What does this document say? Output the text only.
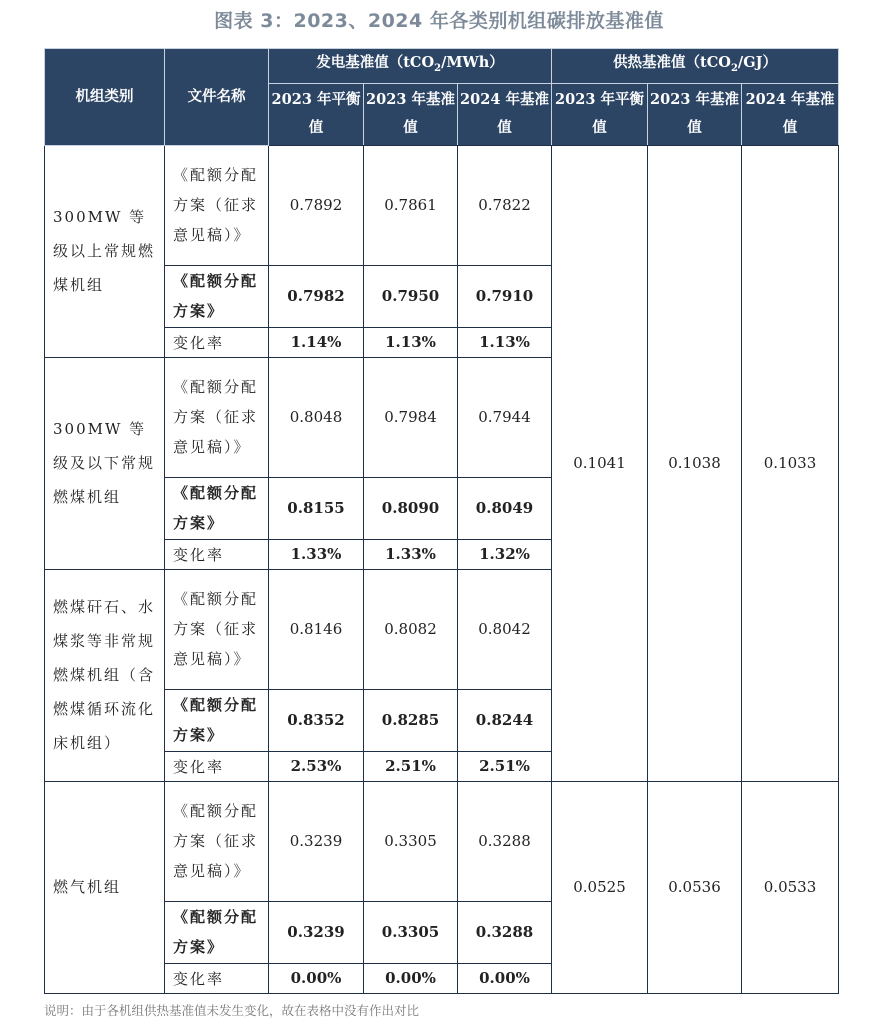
图表 3：2023、2024 年各类别机组碳排放基准值
机组类别	文件名称	发电基准值（tCO$_2$/MWh）			供热基准值（tCO$_2$/GJ）		
		2023 年平衡值	2023 年基准值	2024 年基准值	2023 年平衡值	2023 年基准值	2024 年基准值

300MW 等级以上常规燃煤机组	《配额分配方案（征求意见稿）》	0.7892	0.7861	0.7822	0.1041	0.1038	0.1033
	《配额分配方案》	0.7982	0.7950	0.7910			
	变化率	1.14%	1.13%	1.13%			
300MW 等级及以下常规燃煤机组	《配额分配方案（征求意见稿）》	0.8048	0.7984	0.7944			
	《配额分配方案》	0.8155	0.8090	0.8049			
	变化率	1.33%	1.33%	1.32%			
燃煤矸石、水煤浆等非常规燃煤机组（含燃煤循环流化床机组）	《配额分配方案（征求意见稿）》	0.8146	0.8082	0.8042			
	《配额分配方案》	0.8352	0.8285	0.8244			
	变化率	2.53%	2.51%	2.51%			
燃气机组	《配额分配方案（征求意见稿）》	0.3239	0.3305	0.3288	0.0525	0.0536	0.0533
	《配额分配方案》	0.3239	0.3305	0.3288			
	变化率	0.00%	0.00%	0.00%			
说明：由于各机组供热基准值未发生变化，故在表格中没有作出对比
